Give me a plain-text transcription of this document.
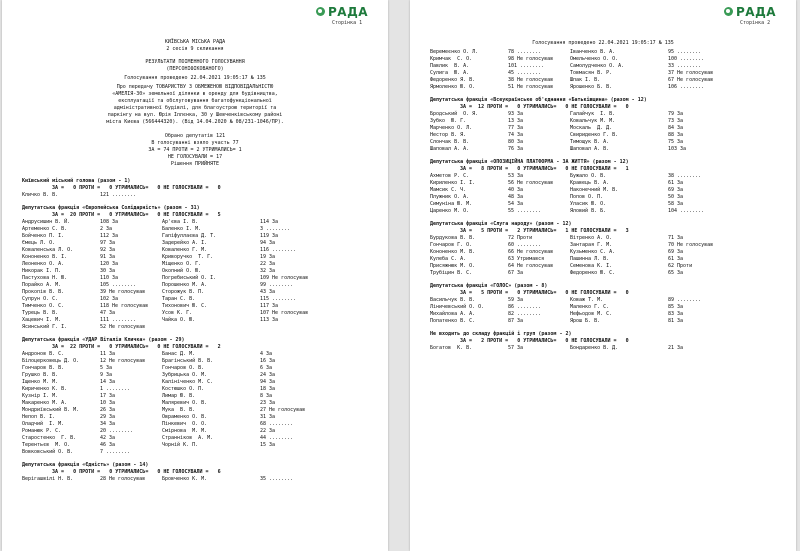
РАДА
Сторінка 1
КИЇВСЬКА МІСЬКА РАДА
2 сесія 9 скликання
РЕЗУЛЬТАТИ ПОІМЕННОГО ГОЛОСУВАННЯ
(ПЕРСОНІФІКОВАНОГО)
Голосування проведено 22.04.2021 19:05:17 № 135
Про передачу ТОВАРИСТВУ З ОБМЕЖЕНОЮ ВІДПОВІДАЛЬНІСТЮ
«АМЕЛІЯ-30» земельної ділянки в оренду для будівництва,
експлуатації та обслуговування багатофункціональної
адміністративної будівлі, для благоустрою території та
паркінгу на вул. Юрія Іллєнка, 30 у Шевченківському районі
міста Києва (566444320). (Від 14.04.2020 № 08/231-1046/ПР).
Обрано депутатів 121
В голосуванні взяло участь 77
ЗА = 74 ПРОТИ = 2 УТРИМАЛИСЬ= 1
НЕ ГОЛОСУВАЛИ = 17
Рішення ПРИЙНЯТЕ
Київський міський голова (разом - 1)
ЗА =   0 ПРОТИ =   0 УТРИМАЛИСЬ=   0 НЕ ГОЛОСУВАЛИ =   0
Кличко В. В.	121 ........
Депутатська фракція «Європейська Солідарність» (разом - 31)
ЗА =  20 ПРОТИ =   0 УТРИМАЛИСЬ=   0 НЕ ГОЛОСУВАЛИ =   5
Андрусишин В. Й.	108 За	Ар'єва І. В.	114 За
Артеменко С. В.	2 За	Баленко І. М.	3 ........
Бойченко П. І.	112 За	Гапіфуллаєва Д. Т.	119 За
Ємець Л. О.	97 За	Задерейко А. І.	94 За
Коваленська Л. О.	92 За	Коваленко Г. М.	116 ........
Кононенко В. І.	91 За	Криворучко  Т. Г.	19 За
Леоненко О. А.	120 За	Міщенко О. Г.	22 За
Никорак І. П.	30 За	Окопний О. Ю.	32 За
Пастухова Н. Ю.	110 За	Погребиський О. І.	109 Не голосував
Порайко А. М.	105 ........	Порошенко М. А.	99 ........
Прокопів В. В.	39 Не голосував	Сторожук В. П.	43 За
Супрун О. С.	102 За	Таран С. В.	115 ........
Тимченко О. С.	118 Не голосував	Тихонович Ю. С.	117 За
Турець В. В.	47 За	Усов К. Г.	107 Не голосував
Хацевич І. М.	111 ........	Чайка О. Ю.	113 За
Ясинський Г. І.	52 Не голосував
Депутатська фракція «УДАР Віталія Кличка» (разом - 29)
ЗА =  22 ПРОТИ =   0 УТРИМАЛИСЬ=   0 НЕ ГОЛОСУВАЛИ =   2
Андронов В. С.	11 За	Банас Д. М.	4 За
Білоцерковець Д. О.	12 Не голосував	Брагінський В. В.	16 За
Гончаров В. В.	5 За	Гончаров О. В.	6 За
Грушко В. В.	9 За	Зубрицька О. М.	24 За
Іщенко М. М.	14 За	Калініченко М. С.	94 За
Кириченко К. В.	1 ........	Костюшко О. П.	18 За
Кузнір І. М.	17 За	Лимар Ю. В.	8 За
Макаренко М. А.	10 За	Маляревич О. В.	23 За
Мондриївський В. М.	26 За	Мука  В. В.	27 Не голосував
Непоп В. І.	29 За	Овраменко О. В.	31 За
Оладчий  І. М.	34 За	Пінкевич  О. О.	68 ........
Романюк Р. С.	20 ........	Смірнова  М. М.	22 За
Старостенко  Г. В.	42 За	Странніков  А. М.	44 ........
Терентьєв  М. О.	46 За	Чорній К. П.	15 За
Вовковський О. В.	7 ........
Депутатська фракція «Єдність» (разом - 14)
ЗА =   0 ПРОТИ =   0 УТРИМАЛИСЬ=   0 НЕ ГОЛОСУВАЛИ =   6
Верігашвілі Н. В.	28 Не голосував	Бровченко К. М.	35 ........
РАДА
Сторінка 2
Голосування проведено 22.04.2021 19:05:17 № 135
Веремеєнко О. Л.	78 ........	Іванченко В. А.	95 ........
Кримчак  С. О.	98 Не голосував	Омельченко О. О.	100 ........
Павлик  В. А.	101 ........	Самолудченко О. А.	33 ........
Сулига  Ю. А.	45 ........	Товмасян В. Р.	37 Не голосував
Федоренко Я. В.	38 Не голосував	Шпак І. В.	67 Не голосував
Ярмоленко Ю. О.	51 Не голосував	Ярошенко Б. В.	106 ........
Депутатська фракція «Всеукраїнське об'єднання «Батьківщина» (разом - 12)
ЗА =  12 ПРОТИ =   0 УТРИМАЛИСЬ=   0 НЕ ГОЛОСУВАЛИ =   0
Бродський  О. Я.	93 За	Галайчук  І. В.	79 За
Зубко  Ю. Г.	13 За	Ковальчук М. М.	73 За
Марченко О. Л.	77 За	Москаль  Д. Д.	84 За
Нестор В. Я.	74 За	Свириденко Г. В.	88 За
Слончак В. В.	80 За	Тимощук В. А.	75 За
Шаповал А. А.	76 За	Шаповал А. В.	103 За
Депутатська фракція «ОПОЗИЦІЙНА ПЛАТФОРМА - ЗА ЖИТТЯ» (разом - 12)
ЗА =   8 ПРОТИ =   0 УТРИМАЛИСЬ=   0 НЕ ГОЛОСУВАЛИ =   1
Ахметов Р. С.	53 За	Бужало О. В.	38 ........
Кириленко І. І.	56 Не голосував	Кравець В. А.	61 За
Мамсик С. Ч.	40 За	Наконечний М. В.	69 За
Плужник О. А.	48 За	Попов О. П.	50 За
Симуніна Ю. М.	54 За	Уласик Ю. О.	58 За
Царенко М. О.	55 ........	Яловий В. Б.	104 ........
Депутатська фракція «Слуга народу» (разом - 12)
ЗА =   5 ПРОТИ =   2 УТРИМАЛИСЬ=   1 НЕ ГОЛОСУВАЛИ =   3
Бурдукова В. В.	72 Проти	Вітренко А. О.	71 За
Гончаров Г. О.	60 ........	Зантарая Г. М.	70 Не голосував
Кононенко М. В.	66 Не голосував	Кузьменко С. А.	69 За
Кулеба С. А.	63 Утримався	Пашинна Л. В.	61 За
Присяжнюк М. О.	64 Не голосував	Семенова К. І.	62 Проти
Трубіцин В. С.	67 За	Федоренко Ю. С.	65 За
Депутатська фракція «ГОЛОС» (разом - 8)
ЗА =   5 ПРОТИ =   0 УТРИМАЛИСЬ=   0 НЕ ГОЛОСУВАЛИ =   0
Васильчук В. В.	59 За	Коваж Т. М.	89 ........
Ліничевський О. О.	86 ........	Маленко Г. С.	85 За
Михайлова А. А.	82 ........	Нефьодов М. С.	83 За
Попатенко В. С.	87 За	Ярош Б. В.	81 За
Не входить до складу фракцій і груп (разом - 2)
ЗА =   2 ПРОТИ =   0 УТРИМАЛИСЬ=   0 НЕ ГОЛОСУВАЛИ =   0
Богатов  К. В.	57 За	Бондаренко В. Д.	21 За
